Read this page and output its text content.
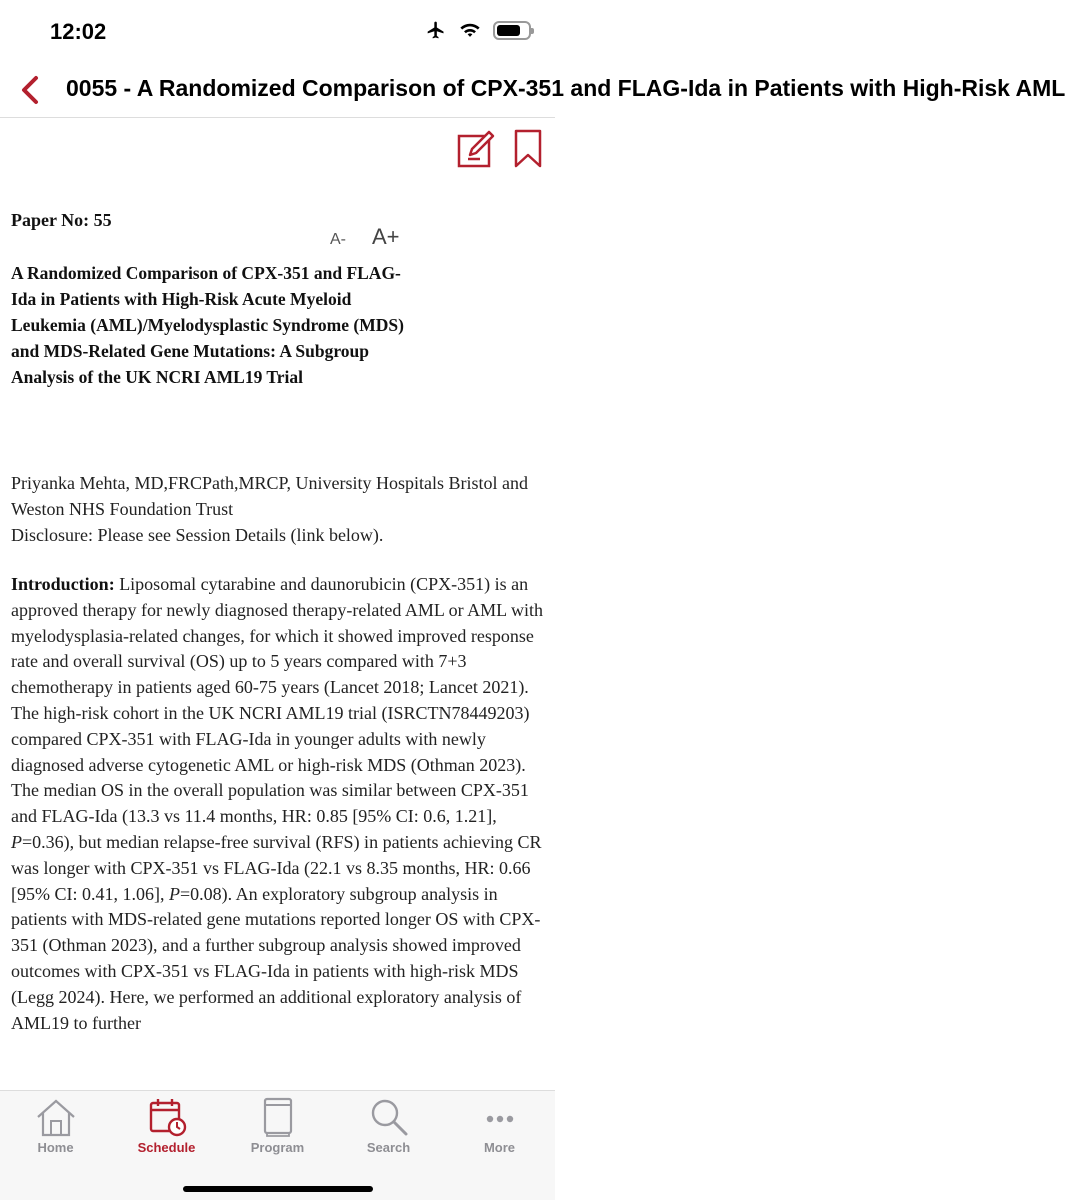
12:02
0055 - A Randomized Comparison of CPX-351 and FLAG-Ida in Patients with High-Risk AML
Paper No: 55
A- A+
A Randomized Comparison of CPX-351 and FLAG-Ida in Patients with High-Risk Acute Myeloid Leukemia (AML)/Myelodysplastic Syndrome (MDS) and MDS-Related Gene Mutations: A Subgroup Analysis of the UK NCRI AML19 Trial
Priyanka Mehta, MD,FRCPath,MRCP, University Hospitals Bristol and Weston NHS Foundation Trust
Disclosure: Please see Session Details (link below).
Introduction: Liposomal cytarabine and daunorubicin (CPX-351) is an approved therapy for newly diagnosed therapy-related AML or AML with myelodysplasia-related changes, for which it showed improved response rate and overall survival (OS) up to 5 years compared with 7+3 chemotherapy in patients aged 60-75 years (Lancet 2018; Lancet 2021). The high-risk cohort in the UK NCRI AML19 trial (ISRCTN78449203) compared CPX-351 with FLAG-Ida in younger adults with newly diagnosed adverse cytogenetic AML or high-risk MDS (Othman 2023). The median OS in the overall population was similar between CPX-351 and FLAG-Ida (13.3 vs 11.4 months, HR: 0.85 [95% CI: 0.6, 1.21], P=0.36), but median relapse-free survival (RFS) in patients achieving CR was longer with CPX-351 vs FLAG-Ida (22.1 vs 8.35 months, HR: 0.66 [95% CI: 0.41, 1.06], P=0.08). An exploratory subgroup analysis in patients with MDS-related gene mutations reported longer OS with CPX-351 (Othman 2023), and a further subgroup analysis showed improved outcomes with CPX-351 vs FLAG-Ida in patients with high-risk MDS (Legg 2024). Here, we performed an additional exploratory analysis of AML19 to further
Home	Schedule	Program	Search	More
